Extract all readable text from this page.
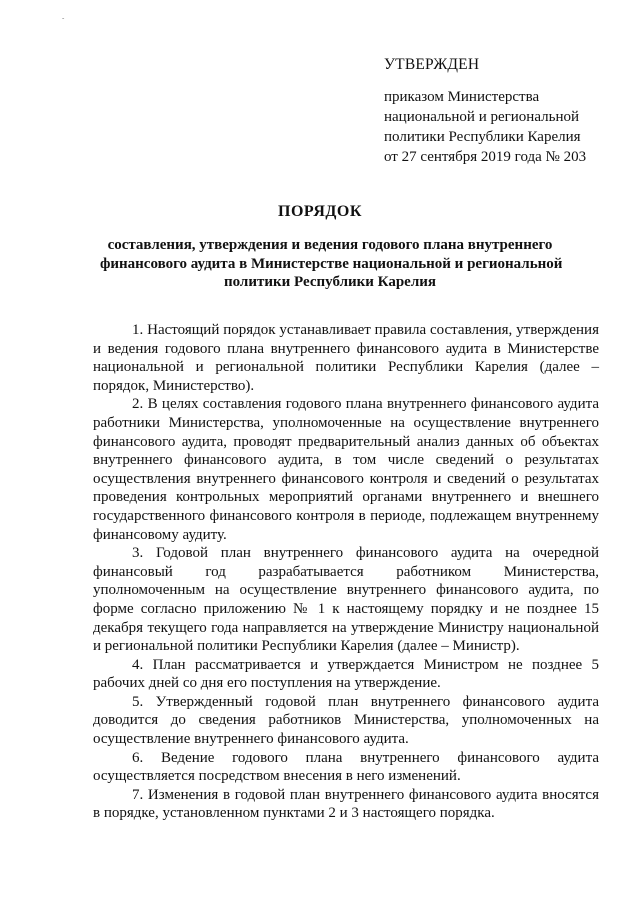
-
УТВЕРЖДЕН
приказом Министерства
национальной и региональной
политики Республики Карелия
от 27 сентября 2019 года № 203
ПОРЯДОК
составления, утверждения и ведения годового плана внутреннего
финансового аудита в Министерстве национальной и региональной
политики Республики Карелия

1. Настоящий порядок устанавливает правила составления, утверждения и ведения годового плана внутреннего финансового аудита в Министерстве национальной и региональной политики Республики Карелия (далее – порядок, Министерство).

2. В целях составления годового плана внутреннего финансового аудита работники Министерства, уполномоченные на осуществление внутреннего финансового аудита, проводят предварительный анализ данных об объектах внутреннего финансового аудита, в том числе сведений о результатах осуществления внутреннего финансового контроля и сведений о результатах проведения контрольных мероприятий органами внутреннего и внешнего государственного финансового контроля в периоде, подлежащем внутреннему финансовому аудиту.

3. Годовой план внутреннего финансового аудита на очередной финансовый год разрабатывается работником Министерства, уполномоченным на осуществление внутреннего финансового аудита, по форме согласно приложению № 1 к настоящему порядку и не позднее 15 декабря текущего года направляется на утверждение Министру национальной и региональной политики Республики Карелия (далее – Министр).

4. План рассматривается и утверждается Министром не позднее 5 рабочих дней со дня его поступления на утверждение.

5. Утвержденный годовой план внутреннего финансового аудита доводится до сведения работников Министерства, уполномоченных на осуществление внутреннего финансового аудита.

6. Ведение годового плана внутреннего финансового аудита осуществляется посредством внесения в него изменений.

7. Изменения в годовой план внутреннего финансового аудита вносятся в порядке, установленном пунктами 2 и 3 настоящего порядка.
